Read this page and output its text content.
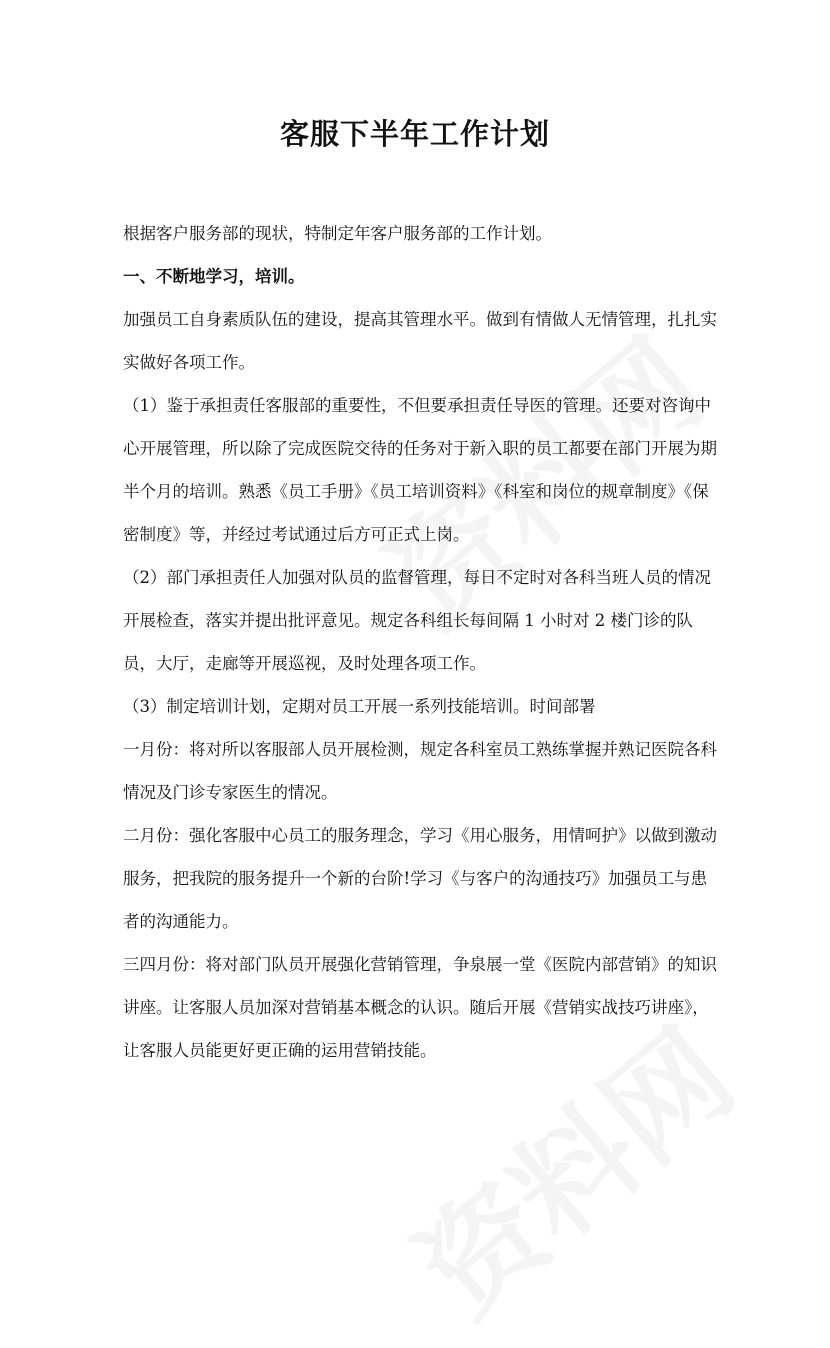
客服下半年工作计划

根据客户服务部的现状，特制定年客户服务部的工作计划。

一、不断地学习，培训。

加强员工自身素质队伍的建设，提高其管理水平。做到有情做人无情管理，扎扎实实做好各项工作。

（1）鉴于承担责任客服部的重要性，不但要承担责任导医的管理。还要对咨询中心开展管理，所以除了完成医院交待的任务对于新入职的员工都要在部门开展为期半个月的培训。熟悉《员工手册》《员工培训资料》《科室和岗位的规章制度》《保密制度》等，并经过考试通过后方可正式上岗。

（2）部门承担责任人加强对队员的监督管理，每日不定时对各科当班人员的情况开展检查，落实并提出批评意见。规定各科组长每间隔 1 小时对 2 楼门诊的队员，大厅，走廊等开展巡视，及时处理各项工作。

（3）制定培训计划，定期对员工开展一系列技能培训。时间部署

一月份：将对所以客服部人员开展检测，规定各科室员工熟练掌握并熟记医院各科情况及门诊专家医生的情况。

二月份：强化客服中心员工的服务理念，学习《用心服务，用情呵护》以做到激动服务，把我院的服务提升一个新的台阶!学习《与客户的沟通技巧》加强员工与患者的沟通能力。

三四月份：将对部门队员开展强化营销管理，争泉展一堂《医院内部营销》的知识讲座。让客服人员加深对营销基本概念的认识。随后开展《营销实战技巧讲座》，让客服人员能更好更正确的运用营销技能。
